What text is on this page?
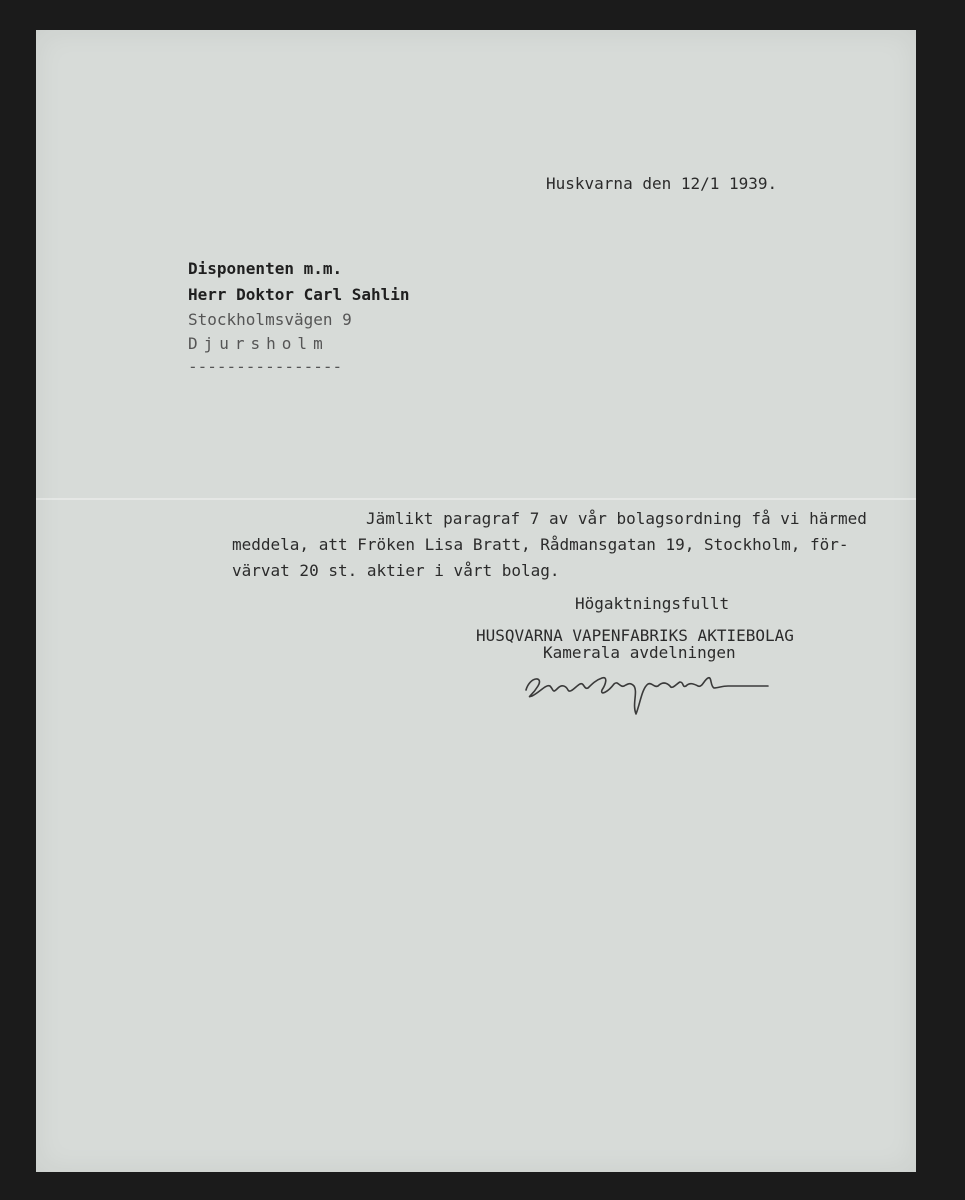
Huskvarna den 12/1 1939.
Disponenten m.m.
Herr Doktor Carl Sahlin
Stockholmsvägen 9
Djursholm
----------------
Jämlikt paragraf 7 av vår bolagsordning få vi härmed
meddela, att Fröken Lisa Bratt, Rådmansgatan 19, Stockholm, för-
värvat 20 st. aktier i vårt bolag.
Högaktningsfullt
HUSQVARNA VAPENFABRIKS AKTIEBOLAG
Kamerala avdelningen
